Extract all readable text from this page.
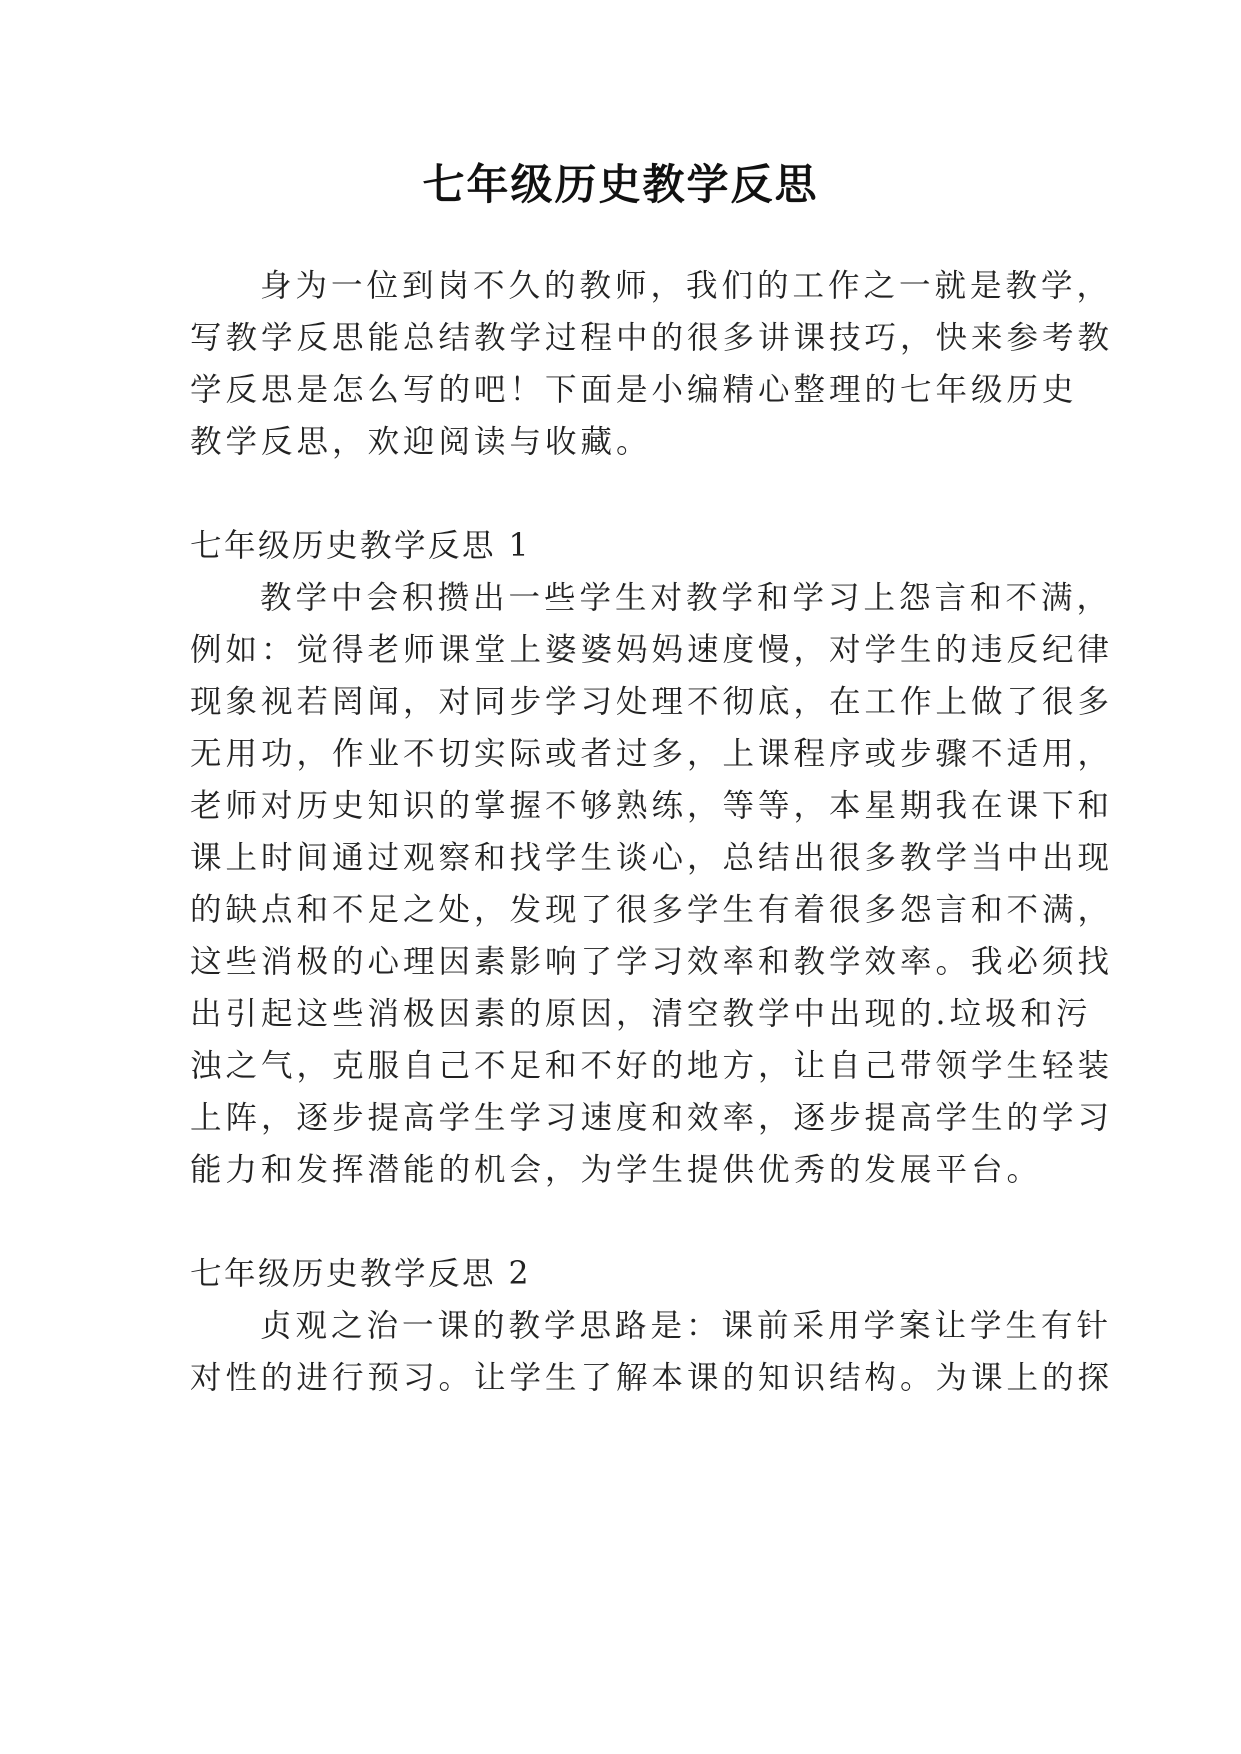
七年级历史教学反思
身为一位到岗不久的教师，我们的工作之一就是教学，
写教学反思能总结教学过程中的很多讲课技巧，快来参考教
学反思是怎么写的吧！下面是小编精心整理的七年级历史
教学反思，欢迎阅读与收藏。
七年级历史教学反思 1
教学中会积攒出一些学生对教学和学习上怨言和不满，
例如：觉得老师课堂上婆婆妈妈速度慢，对学生的违反纪律
现象视若罔闻，对同步学习处理不彻底，在工作上做了很多
无用功，作业不切实际或者过多，上课程序或步骤不适用，
老师对历史知识的掌握不够熟练，等等，本星期我在课下和
课上时间通过观察和找学生谈心，总结出很多教学当中出现
的缺点和不足之处，发现了很多学生有着很多怨言和不满，
这些消极的心理因素影响了学习效率和教学效率。我必须找
出引起这些消极因素的原因，清空教学中出现的.垃圾和污
浊之气，克服自己不足和不好的地方，让自己带领学生轻装
上阵，逐步提高学生学习速度和效率，逐步提高学生的学习
能力和发挥潜能的机会，为学生提供优秀的发展平台。
七年级历史教学反思 2
贞观之治一课的教学思路是：课前采用学案让学生有针
对性的进行预习。让学生了解本课的知识结构。为课上的探
